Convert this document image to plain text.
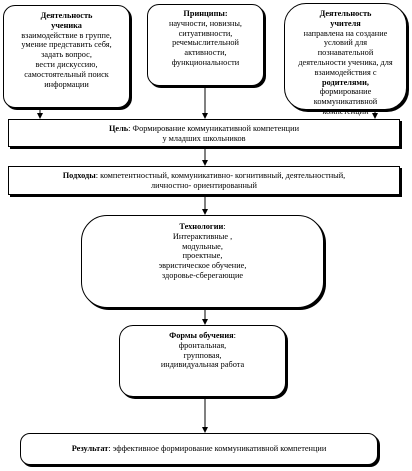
Деятельность ученика
взаимодействие в группе,
умение представить себя,
задать вопрос,
вести дискуссию,
самостоятельный поиск
информации
Принципы:
научности, новизны,
ситуативности,
речемыслительной
активности,
функциональности
Деятельность учителя
направлена на создание
условий для
познавательной
деятельности ученика, для
взаимодействия с
родителями,
формирование
коммуникативной
компетенции
Цель: Формирование коммуникативной компетенции
у младших школьников
Подходы: компетентностный, коммуникативно- когнитивный, деятельностный,
личностно- ориентированный
Технологии:
Интерактивные ,
модульные,
проектные,
эвристическое обучение,
здоровье-сберегающие
Формы обучения:
фронтальная,
групповая,
индивидуальная работа
Результат: эффективное формирование коммуникативной компетенции
